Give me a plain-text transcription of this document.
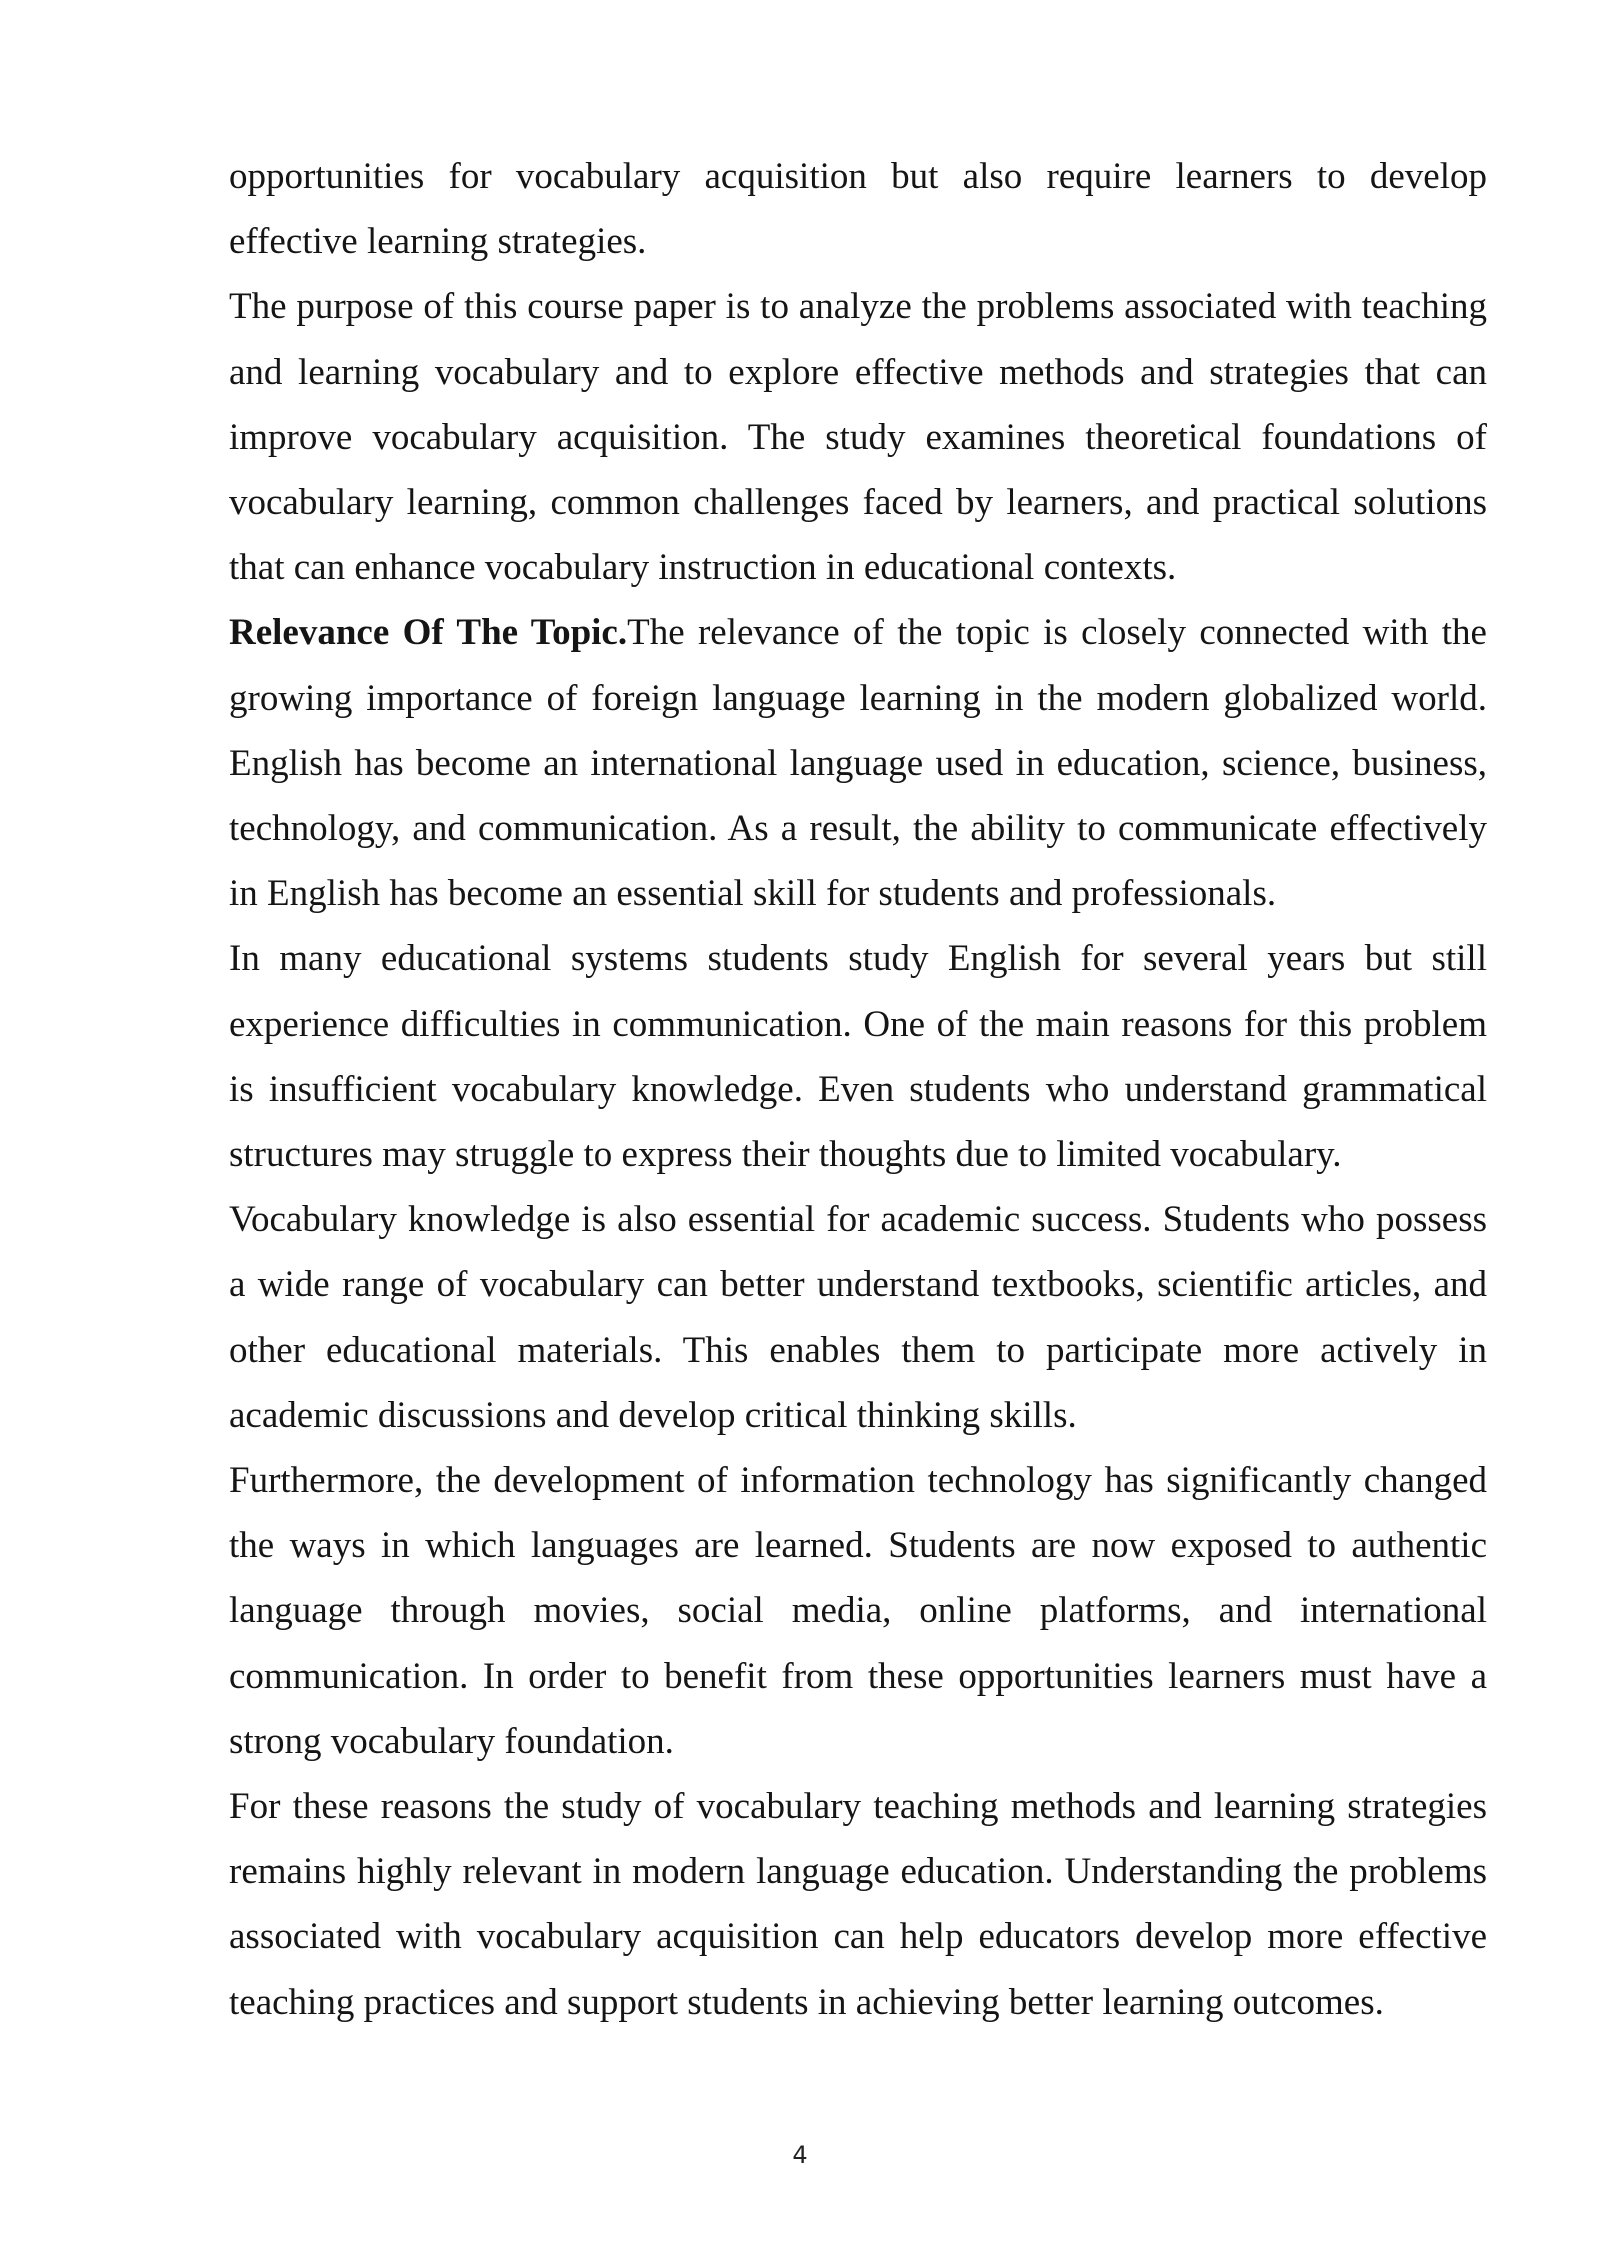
opportunities for vocabulary acquisition but also require learners to develop effective learning strategies.

The purpose of this course paper is to analyze the problems associated with teaching and learning vocabulary and to explore effective methods and strategies that can improve vocabulary acquisition. The study examines theoretical foundations of vocabulary learning, common challenges faced by learners, and practical solutions that can enhance vocabulary instruction in educational contexts.

Relevance Of The Topic.The relevance of the topic is closely connected with the growing importance of foreign language learning in the modern globalized world. English has become an international language used in education, science, business, technology, and communication. As a result, the ability to communicate effectively in English has become an essential skill for students and professionals.

In many educational systems students study English for several years but still experience difficulties in communication. One of the main reasons for this problem is insufficient vocabulary knowledge. Even students who understand grammatical structures may struggle to express their thoughts due to limited vocabulary.

Vocabulary knowledge is also essential for academic success. Students who possess a wide range of vocabulary can better understand textbooks, scientific articles, and other educational materials. This enables them to participate more actively in academic discussions and develop critical thinking skills.

Furthermore, the development of information technology has significantly changed the ways in which languages are learned. Students are now exposed to authentic language through movies, social media, online platforms, and international communication. In order to benefit from these opportunities learners must have a strong vocabulary foundation.

For these reasons the study of vocabulary teaching methods and learning strategies remains highly relevant in modern language education. Understanding the problems associated with vocabulary acquisition can help educators develop more effective teaching practices and support students in achieving better learning outcomes.

4
